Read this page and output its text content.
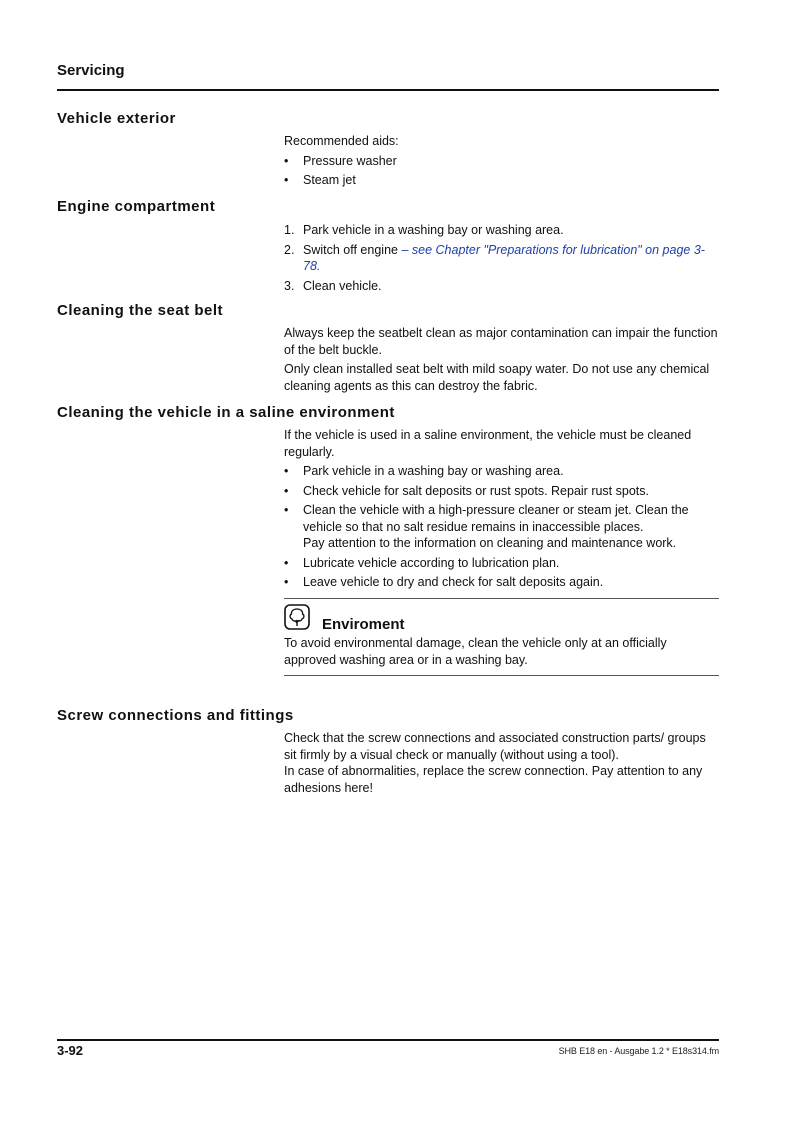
Servicing
Vehicle exterior

Recommended aids:

•	Pressure washer
•	Steam jet
Engine compartment
1. Park vehicle in a washing bay or washing area.
2. Switch off engine – see Chapter "Preparations for lubrication" on page 3-78.
3. Clean vehicle.
Cleaning the seat belt

Always keep the seatbelt clean as major contamination can impair the function of the belt buckle.

Only clean installed seat belt with mild soapy water. Do not use any chemical cleaning agents as this can destroy the fabric.

Cleaning the vehicle in a saline environment

If the vehicle is used in a saline environment, the vehicle must be cleaned regularly.

•	Park vehicle in a washing bay or washing area.
•	Check vehicle for salt deposits or rust spots. Repair rust spots.
•	Clean the vehicle with a high-pressure cleaner or steam jet. Clean the vehicle so that no salt residue remains in inaccessible places.
Pay attention to the information on cleaning and maintenance work.
•	Lubricate vehicle according to lubrication plan.
•	Leave vehicle to dry and check for salt deposits again.
Enviroment
To avoid environmental damage, clean the vehicle only at an officially approved washing area or in a washing bay.
Screw connections and fittings
Check that the screw connections and associated construction parts/ groups sit firmly by a visual check or manually (without using a tool).
In case of abnormalities, replace the screw connection. Pay attention to any adhesions here!
3-92	SHB E18 en - Ausgabe 1.2 * E18s314.fm
